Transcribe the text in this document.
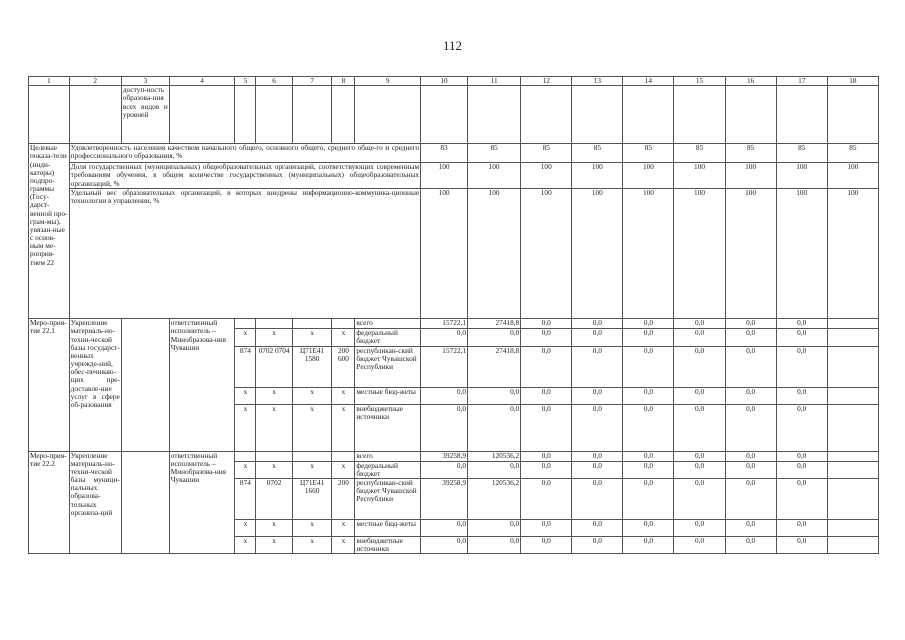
112
1	2	3	4	5	6	7	8	9	10	11	12	13	14	15	16	17	18
		доступ-ность образова-ния всех видов и уровней															
Целевые показа-тели (инди-каторы) подпро-граммы (Госу-дарст-венной про-грам-мы), увязан-ные с основ-ным ме-роприя-тием 22	Удовлетворенность населения качеством начального общего, основного общего, среднего обще-го и среднего профессионального образования, %								83	85	85	85	85	85	85	85	85
	Доля государственных (муниципальных) общеобразовательных организаций, соответствующих современным требованиям обучения, в общем количестве государственных (муниципальных) общеобразовательных организаций, %								100	100	100	100	100	100	100	100	100
	Удельный вес образовательных организаций, в которых внедрены информационно-коммуника-ционные технологии в управлении, %								100	100	100	100	100	100	100	100	100
Меро-прия-тие 22.1	Укрепление материаль-но-техни-ческой базы государст-венных учрежде-ний, обес-печиваю-щих пре-доставле-ние услуг в сфере об-разования		ответственный исполнитель – Минобразова-ния Чувашии					всего	15722,1	27418,8	0,0	0,0	0,0	0,0	0,0	0,0	
				x	x	x	x	федеральный бюджет	0,0	0,0	0,0	0,0	0,0	0,0	0,0	0,0	
				874	0702 0704	Ц71Е41 1580	200 600	республикан-ский бюджет Чувашской Республики	15722,1	27418,8	0,0	0,0	0,0	0,0	0,0	0,0	
				x	x	x	x	местные бюд-жеты	0,0	0,0	0,0	0,0	0,0	0,0	0,0	0,0	
				x	x	x	x	внебюджетные источники	0,0	0,0	0,0	0,0	0,0	0,0	0,0	0,0	
Меро-прия-тие 22.2	Укрепление материаль-но-техни-ческой базы муници-пальных образова-тельных организа-ций		ответственный исполнитель – Минобразова-ния Чувашии					всего	39258,9	120536,2	0,0	0,0	0,0	0,0	0,0	0,0	
				x	x	x	x	федеральный бюджет	0,0	0,0	0,0	0,0	0,0	0,0	0,0	0,0	
				874	0702	Ц71Е41 1660	200	республикан-ский бюджет Чувашской Республики	39258,9	120536,2	0,0	0,0	0,0	0,0	0,0	0,0	
				x	x	x	x	местные бюд-жеты	0,0	0,0	0,0	0,0	0,0	0,0	0,0	0,0	
				x	x	x	x	внебюджетные источники	0,0	0,0	0,0	0,0	0,0	0,0	0,0	0,0	
